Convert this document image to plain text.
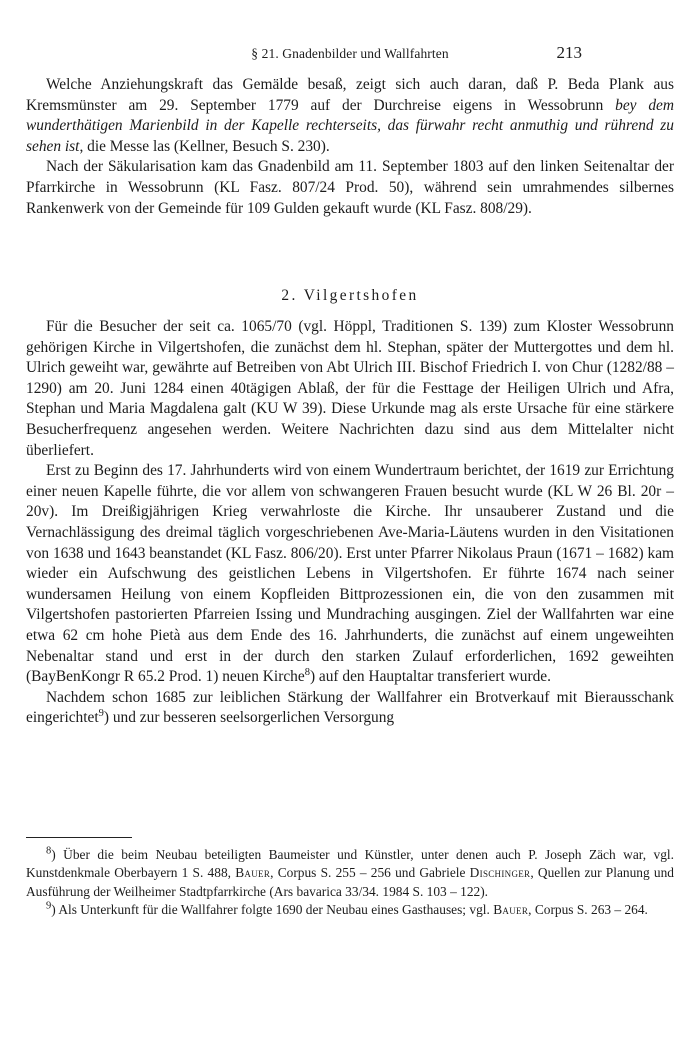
§ 21. Gnadenbilder und Wallfahrten	213

Welche Anziehungskraft das Gemälde besaß, zeigt sich auch daran, daß P. Beda Plank aus Kremsmünster am 29. September 1779 auf der Durchreise eigens in Wessobrunn bey dem wunderthätigen Marienbild in der Kapelle rechterseits, das fürwahr recht anmuthig und rührend zu sehen ist, die Messe las (Kellner, Besuch S. 230).

Nach der Säkularisation kam das Gnadenbild am 11. September 1803 auf den linken Seitenaltar der Pfarrkirche in Wessobrunn (KL Fasz. 807/24 Prod. 50), während sein umrahmendes silbernes Rankenwerk von der Gemeinde für 109 Gulden gekauft wurde (KL Fasz. 808/29).

2. Vilgertshofen

Für die Besucher der seit ca. 1065/70 (vgl. Höppl, Traditionen S. 139) zum Kloster Wessobrunn gehörigen Kirche in Vilgertshofen, die zunächst dem hl. Stephan, später der Muttergottes und dem hl. Ulrich geweiht war, gewährte auf Betreiben von Abt Ulrich III. Bischof Friedrich I. von Chur (1282/88 – 1290) am 20. Juni 1284 einen 40tägigen Ablaß, der für die Festtage der Heiligen Ulrich und Afra, Stephan und Maria Magdalena galt (KU W 39). Diese Urkunde mag als erste Ursache für eine stärkere Besucherfrequenz angesehen werden. Weitere Nachrichten dazu sind aus dem Mittelalter nicht überliefert.

Erst zu Beginn des 17. Jahrhunderts wird von einem Wundertraum berichtet, der 1619 zur Errichtung einer neuen Kapelle führte, die vor allem von schwangeren Frauen besucht wurde (KL W 26 Bl. 20r – 20v). Im Dreißigjährigen Krieg verwahrloste die Kirche. Ihr unsauberer Zustand und die Vernachlässigung des dreimal täglich vorgeschriebenen Ave-Maria-Läutens wurden in den Visitationen von 1638 und 1643 beanstandet (KL Fasz. 806/20). Erst unter Pfarrer Nikolaus Praun (1671 – 1682) kam wieder ein Aufschwung des geistlichen Lebens in Vilgertshofen. Er führte 1674 nach seiner wundersamen Heilung von einem Kopfleiden Bittprozessionen ein, die von den zusammen mit Vilgertshofen pastorierten Pfarreien Issing und Mundraching ausgingen. Ziel der Wallfahrten war eine etwa 62 cm hohe Pietà aus dem Ende des 16. Jahrhunderts, die zunächst auf einem ungeweihten Nebenaltar stand und erst in der durch den starken Zulauf erforderlichen, 1692 geweihten (BayBenKongr R 65.2 Prod. 1) neuen Kirche$^8$) auf den Hauptaltar transferiert wurde.

Nachdem schon 1685 zur leiblichen Stärkung der Wallfahrer ein Brotverkauf mit Bierausschank eingerichtet$^9$) und zur besseren seelsorgerlichen Versorgung

$^8$) Über die beim Neubau beteiligten Baumeister und Künstler, unter denen auch P. Joseph Zäch war, vgl. Kunstdenkmale Oberbayern 1 S. 488, Bauer, Corpus S. 255 – 256 und Gabriele Dischinger, Quellen zur Planung und Ausführung der Weilheimer Stadtpfarrkirche (Ars bavarica 33/34. 1984 S. 103 – 122).

$^9$) Als Unterkunft für die Wallfahrer folgte 1690 der Neubau eines Gasthauses; vgl. Bauer, Corpus S. 263 – 264.
